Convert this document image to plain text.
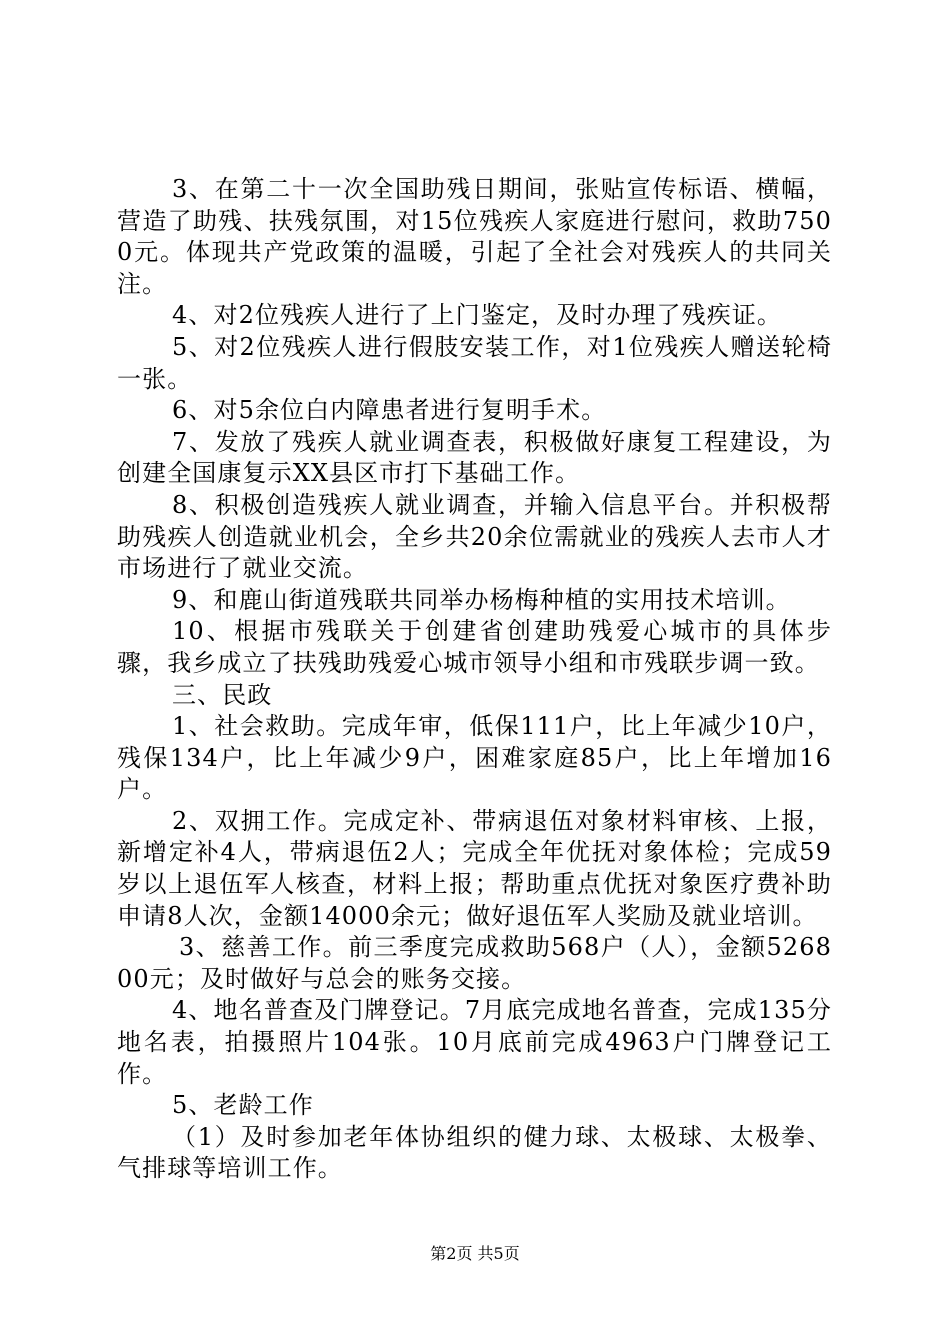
3、在第二十一次全国助残日期间，张贴宣传标语、横幅，营造了助残、扶残氛围，对15位残疾人家庭进行慰问，救助7500元。体现共产党政策的温暖，引起了全社会对残疾人的共同关注。

4、对2位残疾人进行了上门鉴定，及时办理了残疾证。

5、对2位残疾人进行假肢安装工作，对1位残疾人赠送轮椅一张。

6、对5余位白内障患者进行复明手术。

7、发放了残疾人就业调查表，积极做好康复工程建设，为创建全国康复示XX县区市打下基础工作。

8、积极创造残疾人就业调查，并输入信息平台。并积极帮助残疾人创造就业机会，全乡共20余位需就业的残疾人去市人才市场进行了就业交流。

9、和鹿山街道残联共同举办杨梅种植的实用技术培训。

10、根据市残联关于创建省创建助残爱心城市的具体步骤，我乡成立了扶残助残爱心城市领导小组和市残联步调一致。

三、民政

1、社会救助。完成年审，低保111户，比上年减少10户，残保134户，比上年减少9户，困难家庭85户，比上年增加16户。

2、双拥工作。完成定补、带病退伍对象材料审核、上报，新增定补4人，带病退伍2人；完成全年优抚对象体检；完成59岁以上退伍军人核查，材料上报；帮助重点优抚对象医疗费补助申请8人次，金额14000余元；做好退伍军人奖励及就业培训。

3、慈善工作。前三季度完成救助568户（人），金额526800元；及时做好与总会的账务交接。

4、地名普查及门牌登记。7月底完成地名普查，完成135分地名表，拍摄照片104张。10月底前完成4963户门牌登记工作。

5、老龄工作

（1）及时参加老年体协组织的健力球、太极球、太极拳、气排球等培训工作。

第2页 共5页
